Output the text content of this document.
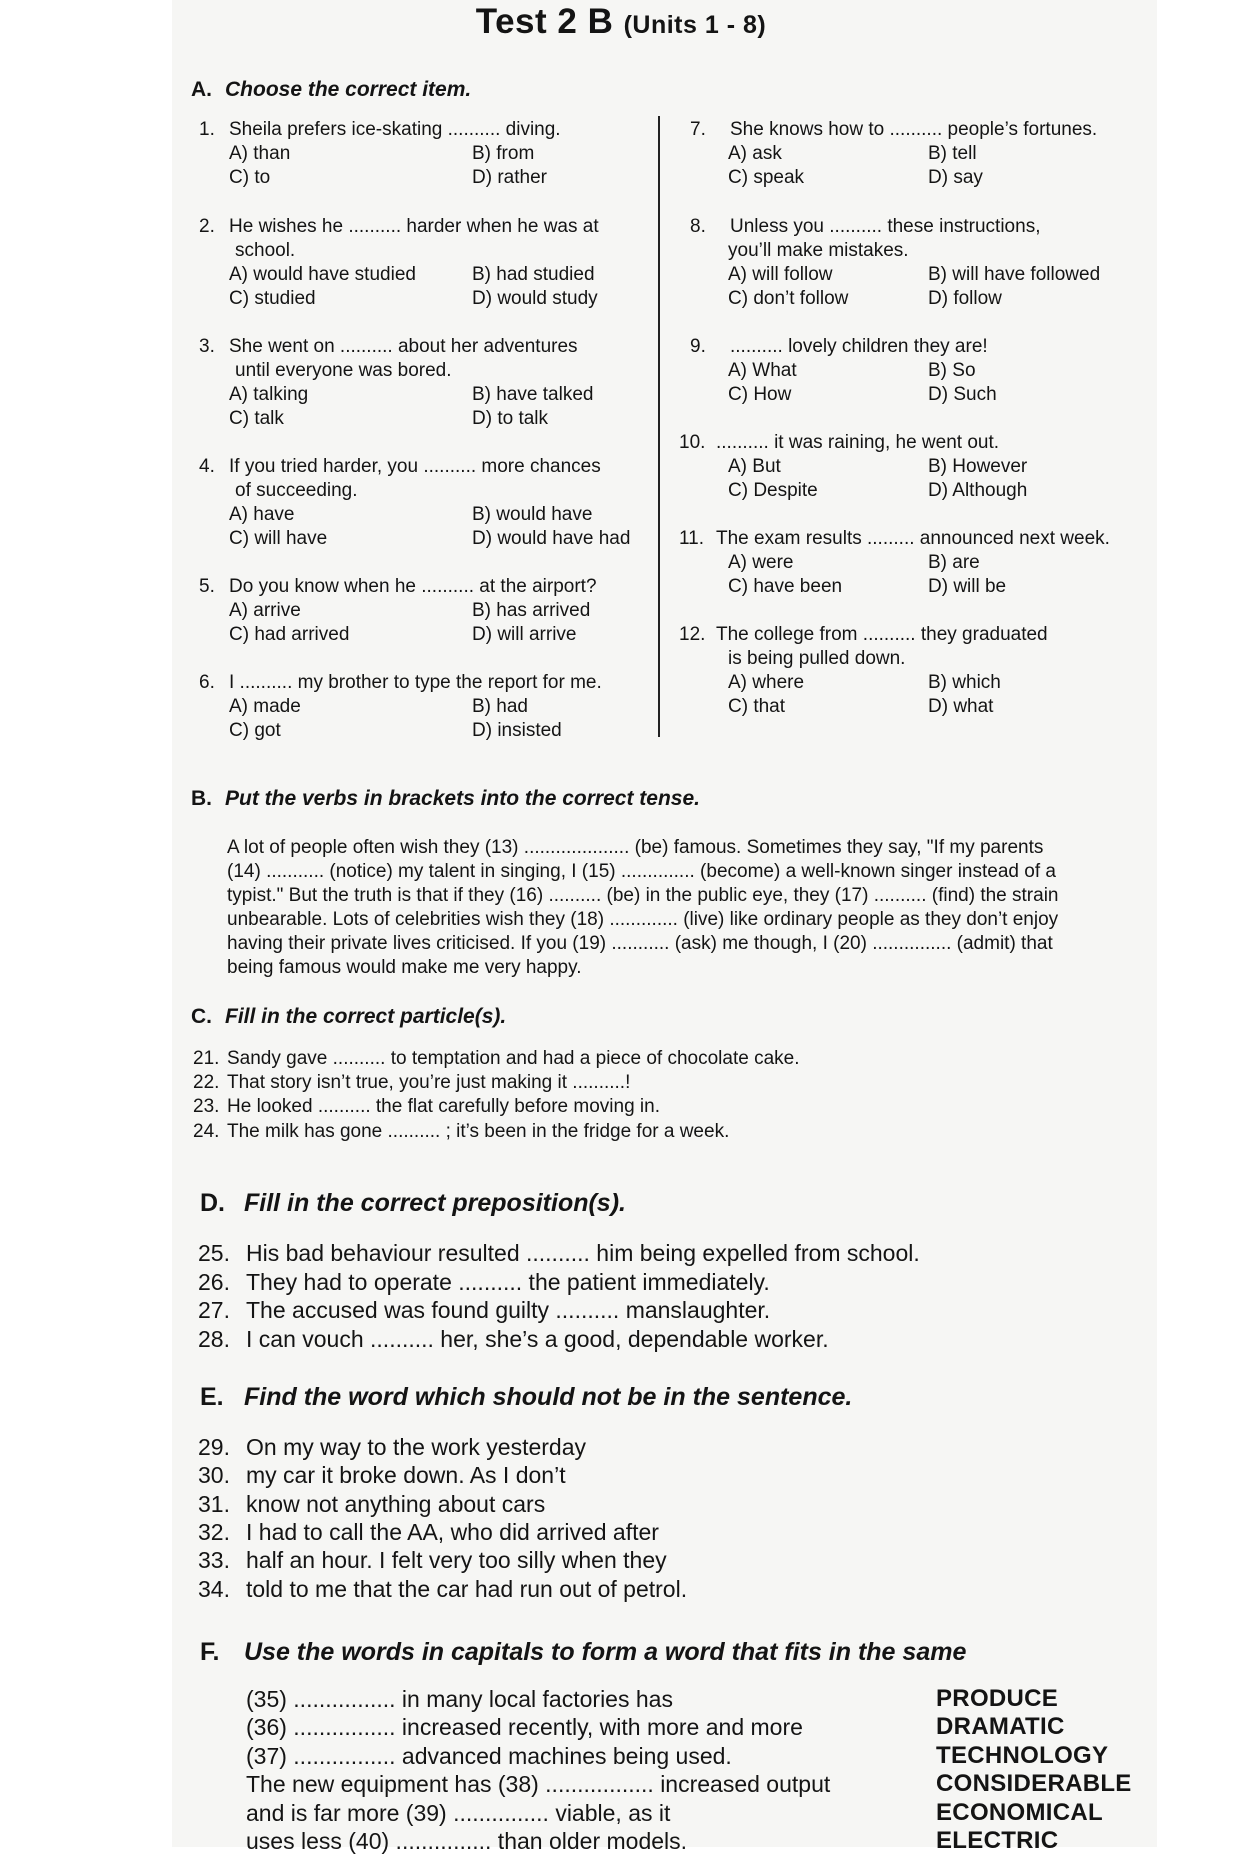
Test 2 B (Units 1 - 8)
A. Choose the correct item.
1. Sheila prefers ice-skating .......... diving.
A) than	B) from
C) to	D) rather
2. He wishes he .......... harder when he was at
school.
A) would have studied	B) had studied
C) studied	D) would study
3. She went on .......... about her adventures
until everyone was bored.
A) talking	B) have talked
C) talk	D) to talk
4. If you tried harder, you .......... more chances
of succeeding.
A) have	B) would have
C) will have	D) would have had
5. Do you know when he .......... at the airport?
A) arrive	B) has arrived
C) had arrived	D) will arrive
6. I .......... my brother to type the report for me.
A) made	B) had
C) got	D) insisted
7. She knows how to .......... people’s fortunes.
A) ask	B) tell
C) speak	D) say
8. Unless you .......... these instructions,
you’ll make mistakes.
A) will follow	B) will have followed
C) don’t follow	D) follow
9. .......... lovely children they are!
A) What	B) So
C) How	D) Such
10. .......... it was raining, he went out.
A) But	B) However
C) Despite	D) Although
11. The exam results ......... announced next week.
A) were	B) are
C) have been	D) will be
12. The college from .......... they graduated
is being pulled down.
A) where	B) which
C) that	D) what
B. Put the verbs in brackets into the correct tense.
A lot of people often wish they (13) .................... (be) famous. Sometimes they say, "If my parents
(14) ........... (notice) my talent in singing, I (15) .............. (become) a well-known singer instead of a
typist." But the truth is that if they (16) .......... (be) in the public eye, they (17) .......... (find) the strain
unbearable. Lots of celebrities wish they (18) ............. (live) like ordinary people as they don’t enjoy
having their private lives criticised. If you (19) ........... (ask) me though, I (20) ............... (admit) that
being famous would make me very happy.
C. Fill in the correct particle(s).
21. Sandy gave .......... to temptation and had a piece of chocolate cake.
22. That story isn’t true, you’re just making it ..........!
23. He looked .......... the flat carefully before moving in.
24. The milk has gone .......... ; it’s been in the fridge for a week.
D. Fill in the correct preposition(s).
25. His bad behaviour resulted .......... him being expelled from school.
26. They had to operate .......... the patient immediately.
27. The accused was found guilty .......... manslaughter.
28. I can vouch .......... her, she’s a good, dependable worker.
E. Find the word which should not be in the sentence.
29. On my way to the work yesterday
30. my car it broke down. As I don’t
31. know not anything about cars
32. I had to call the AA, who did arrived after
33. half an hour. I felt very too silly when they
34. told to me that the car had run out of petrol.
F. Use the words in capitals to form a word that fits in the same
(35) ................ in many local factories has	PRODUCE
(36) ................ increased recently, with more and more	DRAMATIC
(37) ................ advanced machines being used.	TECHNOLOGY
The new equipment has (38) ................. increased output	CONSIDERABLE
and is far more (39) ............... viable, as it	ECONOMICAL
uses less (40) ............... than older models.	ELECTRIC
